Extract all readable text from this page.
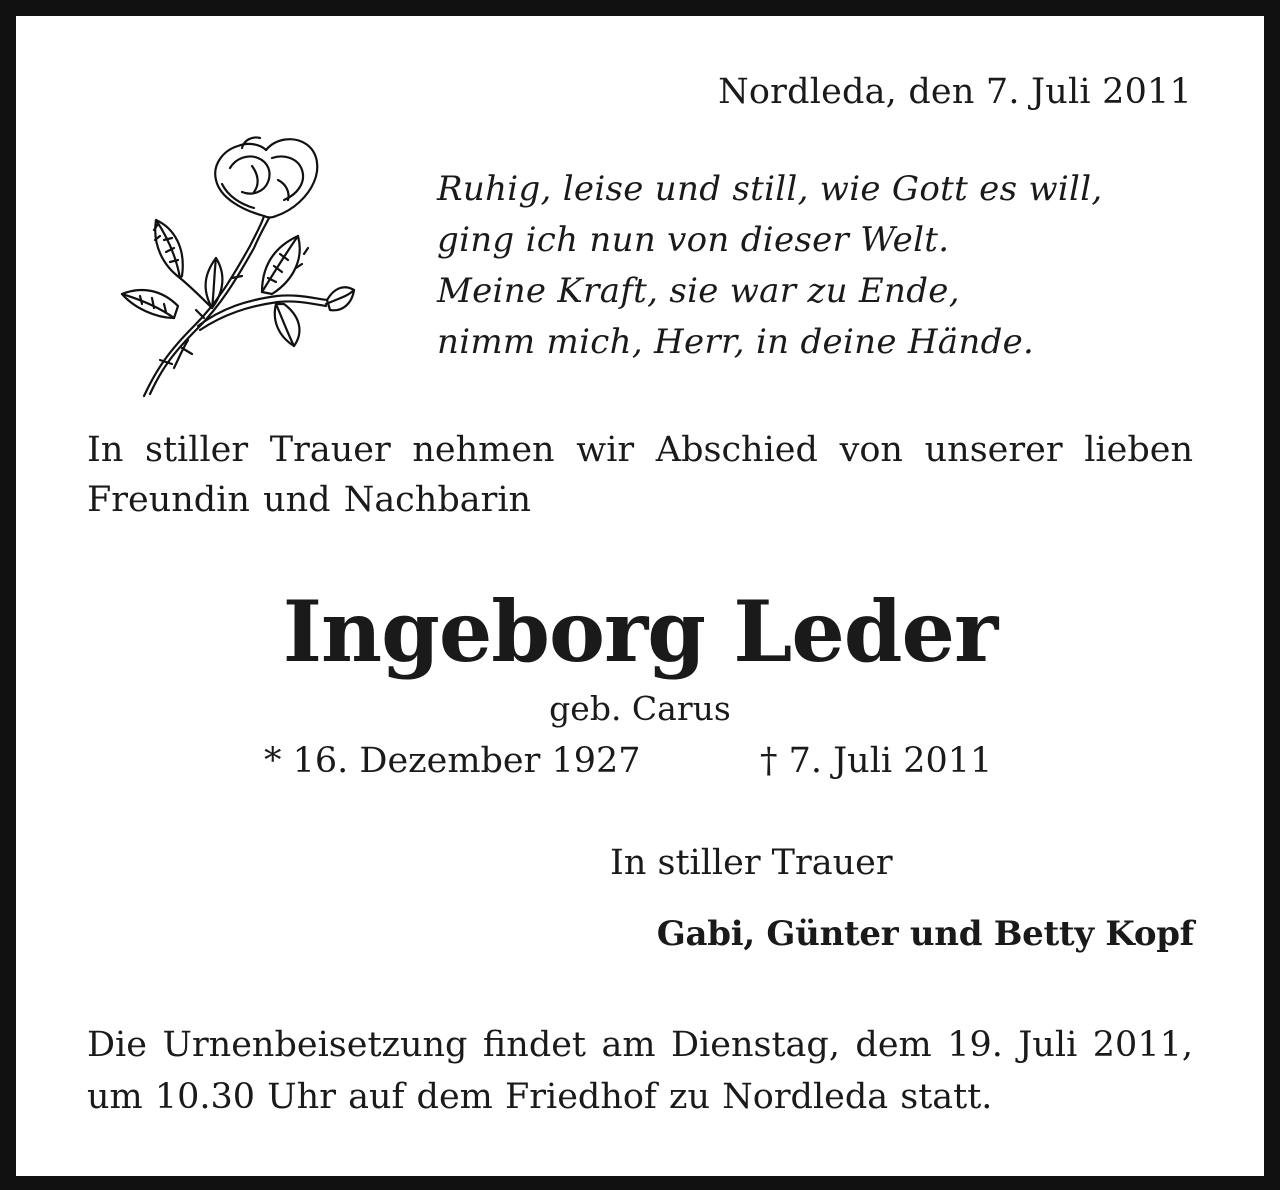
Nordleda, den 7. Juli 2011
Ruhig, leise und still, wie Gott es will,
ging ich nun von dieser Welt.
Meine Kraft, sie war zu Ende,
nimm mich, Herr, in deine Hände.
In stiller Trauer nehmen wir Abschied von unserer lieben Freundin und Nachbarin
Ingeborg Leder
geb. Carus
* 16. Dezember 1927	† 7. Juli 2011
In stiller Trauer
Gabi, Günter und Betty Kopf
Die Urnenbeisetzung findet am Dienstag, dem 19. Juli 2011, um 10.30 Uhr auf dem Friedhof zu Nordleda statt.
